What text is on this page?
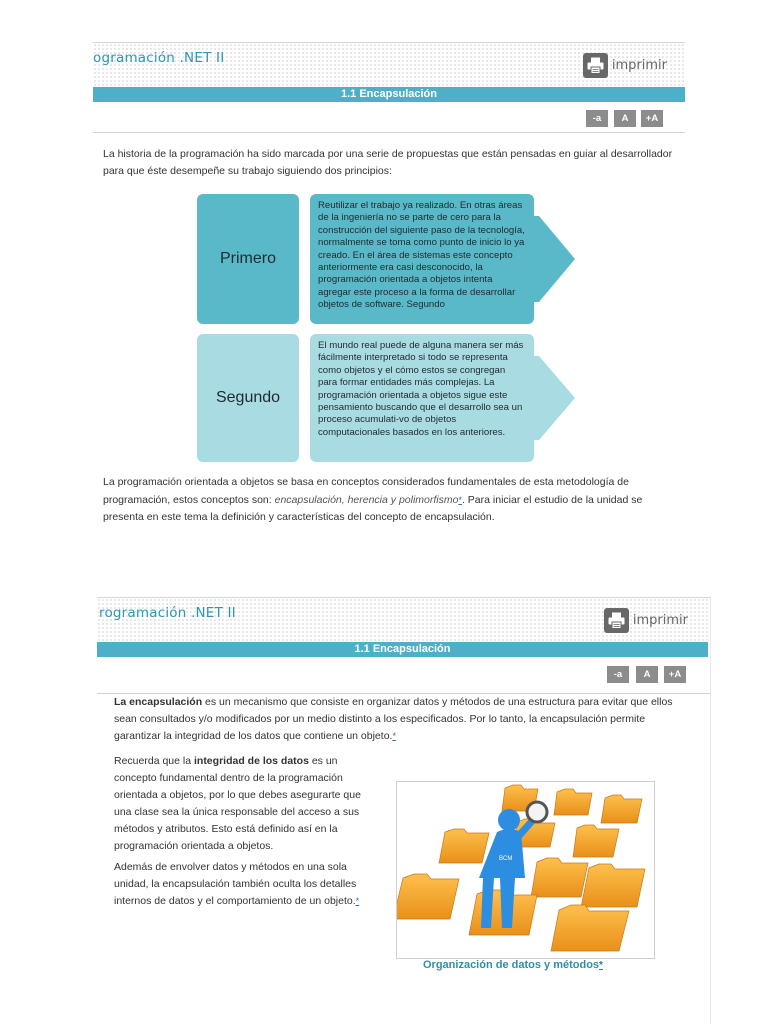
ogramación .NET II	imprimir
1.1 Encapsulación
-a	A	+A

La historia de la programación ha sido marcada por una serie de propuestas que están pensadas en guiar al desarrollador para que éste desempeñe su trabajo siguiendo dos principios:

Primero
Reutilizar el trabajo ya realizado. En otras áreas de la ingeniería no se parte de cero para la construcción del siguiente paso de la tecnología, normalmente se toma como punto de inicio lo ya creado. En el área de sistemas este concepto anteriormente era casi desconocido, la programación orientada a objetos intenta agregar este proceso a la forma de desarrollar objetos de software. Segundo
Segundo
El mundo real puede de alguna manera ser más fácilmente interpretado si todo se representa como objetos y el cómo estos se congregan para formar entidades más complejas. La programación orientada a objetos sigue este pensamiento buscando que el desarrollo sea un proceso acumulati-vo de objetos computacionales basados en los anteriores.

La programación orientada a objetos se basa en conceptos considerados fundamentales de esta metodología de programación, estos conceptos son: encapsulación, herencia y polimorfismo*. Para iniciar el estudio de la unidad se presenta en este tema la definición y características del concepto de encapsulación.

rogramación .NET II	imprimir
1.1 Encapsulación
-a	A	+A

La encapsulación es un mecanismo que consiste en organizar datos y métodos de una estructura para evitar que ellos sean consultados y/o modificados por un medio distinto a los especificados. Por lo tanto, la encapsulación permite garantizar la integridad de los datos que contiene un objeto.*

Recuerda que la integridad de los datos es un concepto fundamental dentro de la programación orientada a objetos, por lo que debes asegurarte que una clase sea la única responsable del acceso a sus métodos y atributos. Esto está definido así en la programación orientada a objetos.

Además de envolver datos y métodos en una sola unidad, la encapsulación también oculta los detalles internos de datos y el comportamiento de un objeto.*

BCM
Organización de datos y métodos*
